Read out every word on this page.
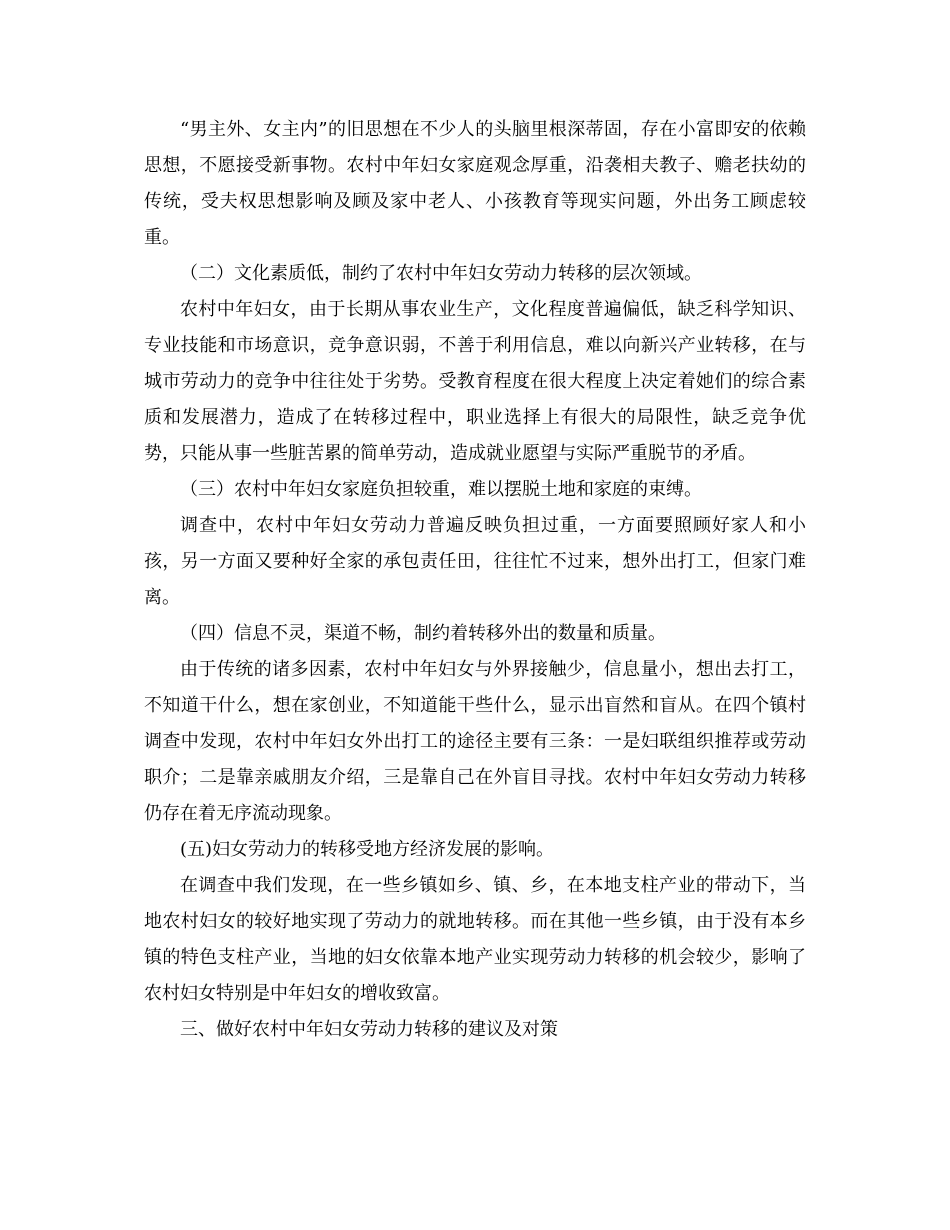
“男主外、女主内”的旧思想在不少人的头脑里根深蒂固，存在小富即安的依赖思想，不愿接受新事物。农村中年妇女家庭观念厚重，沿袭相夫教子、赡老扶幼的传统，受夫权思想影响及顾及家中老人、小孩教育等现实问题，外出务工顾虑较重。

（二）文化素质低，制约了农村中年妇女劳动力转移的层次领域。

农村中年妇女，由于长期从事农业生产，文化程度普遍偏低，缺乏科学知识、专业技能和市场意识，竞争意识弱，不善于利用信息，难以向新兴产业转移，在与城市劳动力的竞争中往往处于劣势。受教育程度在很大程度上决定着她们的综合素质和发展潜力，造成了在转移过程中，职业选择上有很大的局限性，缺乏竞争优势，只能从事一些脏苦累的简单劳动，造成就业愿望与实际严重脱节的矛盾。

（三）农村中年妇女家庭负担较重，难以摆脱土地和家庭的束缚。

调查中，农村中年妇女劳动力普遍反映负担过重，一方面要照顾好家人和小孩，另一方面又要种好全家的承包责任田，往往忙不过来，想外出打工，但家门难离。

（四）信息不灵，渠道不畅，制约着转移外出的数量和质量。

由于传统的诸多因素，农村中年妇女与外界接触少，信息量小，想出去打工，不知道干什么，想在家创业，不知道能干些什么，显示出盲然和盲从。在四个镇村调查中发现，农村中年妇女外出打工的途径主要有三条：一是妇联组织推荐或劳动职介；二是靠亲戚朋友介绍，三是靠自己在外盲目寻找。农村中年妇女劳动力转移仍存在着无序流动现象。

(五)妇女劳动力的转移受地方经济发展的影响。

在调查中我们发现，在一些乡镇如乡、镇、乡，在本地支柱产业的带动下，当地农村妇女的较好地实现了劳动力的就地转移。而在其他一些乡镇，由于没有本乡镇的特色支柱产业，当地的妇女依靠本地产业实现劳动力转移的机会较少，影响了农村妇女特别是中年妇女的增收致富。

三、做好农村中年妇女劳动力转移的建议及对策
